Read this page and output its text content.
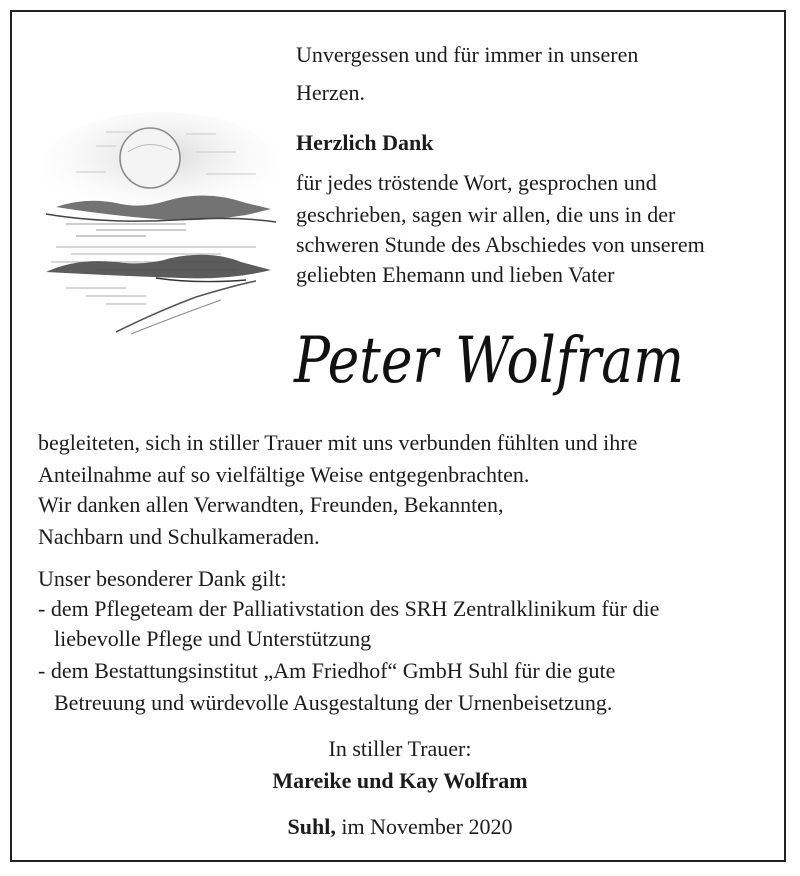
Unvergessen und für immer in unseren
Herzen.
Herzlich Dank
für jedes tröstende Wort, gesprochen und
geschrieben, sagen wir allen, die uns in der
schweren Stunde des Abschiedes von unserem
geliebten Ehemann und lieben Vater
Peter Wolfram
begleiteten, sich in stiller Trauer mit uns verbunden fühlten und ihre
Anteilnahme auf so vielfältige Weise entgegenbrachten.
Wir danken allen Verwandten, Freunden, Bekannten,
Nachbarn und Schulkameraden.
Unser besonderer Dank gilt:
- dem Pflegeteam der Palliativstation des SRH Zentralklinikum für die
liebevolle Pflege und Unterstützung
- dem Bestattungsinstitut „Am Friedhof“ GmbH Suhl für die gute
Betreuung und würdevolle Ausgestaltung der Urnenbeisetzung.
In stiller Trauer:
Mareike und Kay Wolfram
Suhl, im November 2020
